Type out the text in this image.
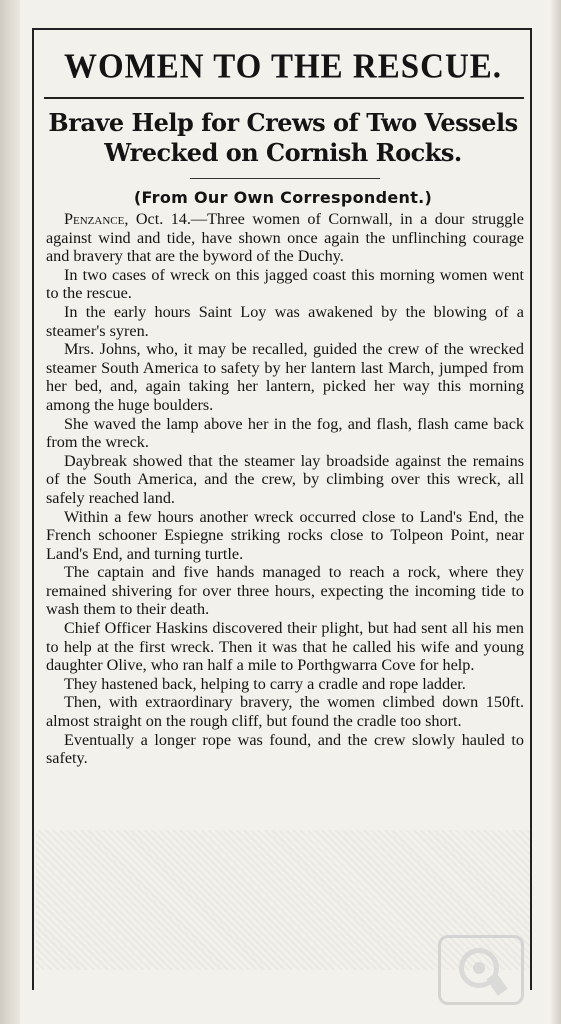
WOMEN TO THE RESCUE.
Brave Help for Crews of Two Vessels
Wrecked on Cornish Rocks.
(From Our Own Correspondent.)

Penzance, Oct. 14.—Three women of Cornwall, in a dour struggle against wind and tide, have shown once again the unflinching courage and bravery that are the byword of the Duchy.

In two cases of wreck on this jagged coast this morning women went to the rescue.

In the early hours Saint Loy was awakened by the blowing of a steamer's syren.

Mrs. Johns, who, it may be recalled, guided the crew of the wrecked steamer South America to safety by her lantern last March, jumped from her bed, and, again taking her lantern, picked her way this morning among the huge boulders.

She waved the lamp above her in the fog, and flash, flash came back from the wreck.

Daybreak showed that the steamer lay broadside against the remains of the South America, and the crew, by climbing over this wreck, all safely reached land.

Within a few hours another wreck occurred close to Land's End, the French schooner Espiegne striking rocks close to Tolpeon Point, near Land's End, and turning turtle.

The captain and five hands managed to reach a rock, where they remained shivering for over three hours, expecting the incoming tide to wash them to their death.

Chief Officer Haskins discovered their plight, but had sent all his men to help at the first wreck. Then it was that he called his wife and young daughter Olive, who ran half a mile to Porthgwarra Cove for help.

They hastened back, helping to carry a cradle and rope ladder.

Then, with extraordinary bravery, the women climbed down 150ft. almost straight on the rough cliff, but found the cradle too short.

Eventually a longer rope was found, and the crew slowly hauled to safety.
